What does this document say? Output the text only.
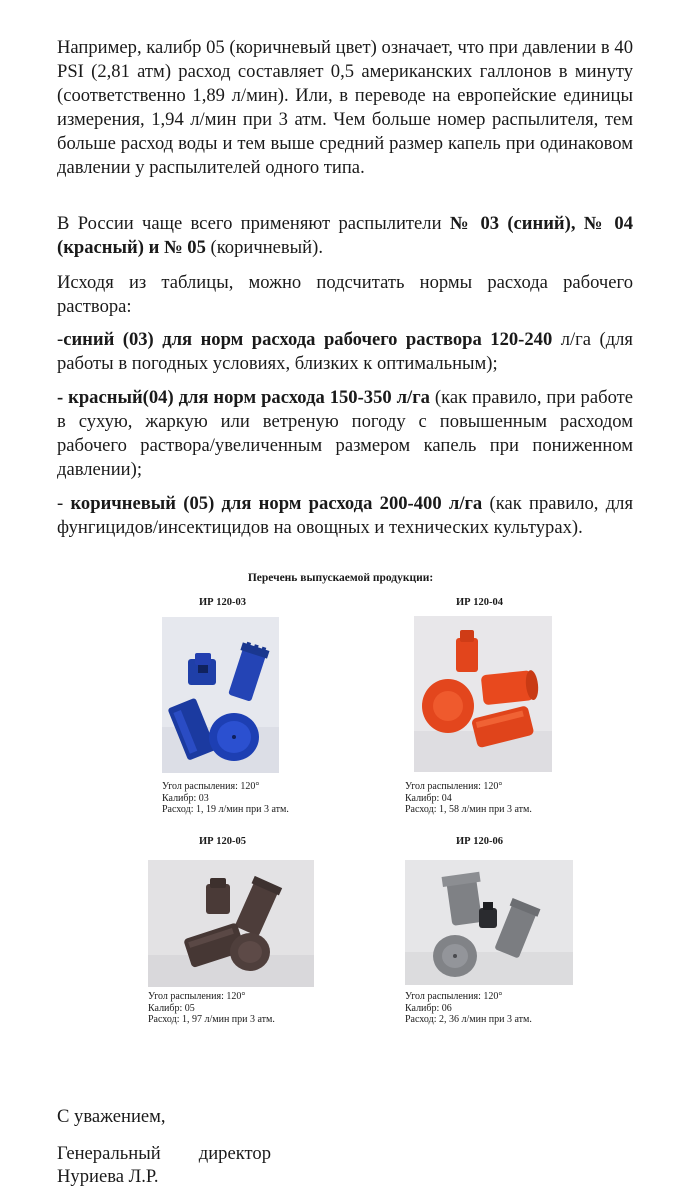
Например, калибр 05 (коричневый цвет) означает, что при давлении в 40 PSI (2,81 атм) расход составляет 0,5 американских галлонов в минуту (соответственно 1,89 л/мин). Или, в переводе на европейские единицы измерения, 1,94 л/мин при 3 атм. Чем больше номер распылителя, тем больше расход воды и тем выше средний размер капель при одинаковом давлении у распылителей одного типа.

В России чаще всего применяют распылители № 03 (синий), № 04 (красный) и № 05 (коричневый).

Исходя из таблицы, можно подсчитать нормы расхода рабочего раствора:

-синий (03) для норм расхода рабочего раствора 120-240 л/га (для работы в погодных условиях, близких к оптимальным);

- красный(04) для норм расхода 150-350 л/га (как правило, при работе в сухую, жаркую или ветреную погоду с повышенным расходом рабочего раствора/увеличенным размером капель при пониженном давлении);

- коричневый (05) для норм расхода 200-400 л/га (как правило, для фунгицидов/инсектицидов на овощных и технических культурах).

Перечень выпускаемой продукции:
ИР 120-03
Угол распыления: 120°
Калибр: 03
Расход: 1, 19 л/мин при 3 атм.
ИР 120-04
Угол распыления: 120°
Калибр: 04
Расход: 1, 58 л/мин при 3 атм.
ИР 120-05
Угол распыления: 120°
Калибр: 05
Расход: 1, 97 л/мин при 3 атм.
ИР 120-06
Угол распыления: 120°
Калибр: 06
Расход: 2, 36 л/мин при 3 атм.
С уважением,
Генеральный директор
Нуриева Л.Р.
